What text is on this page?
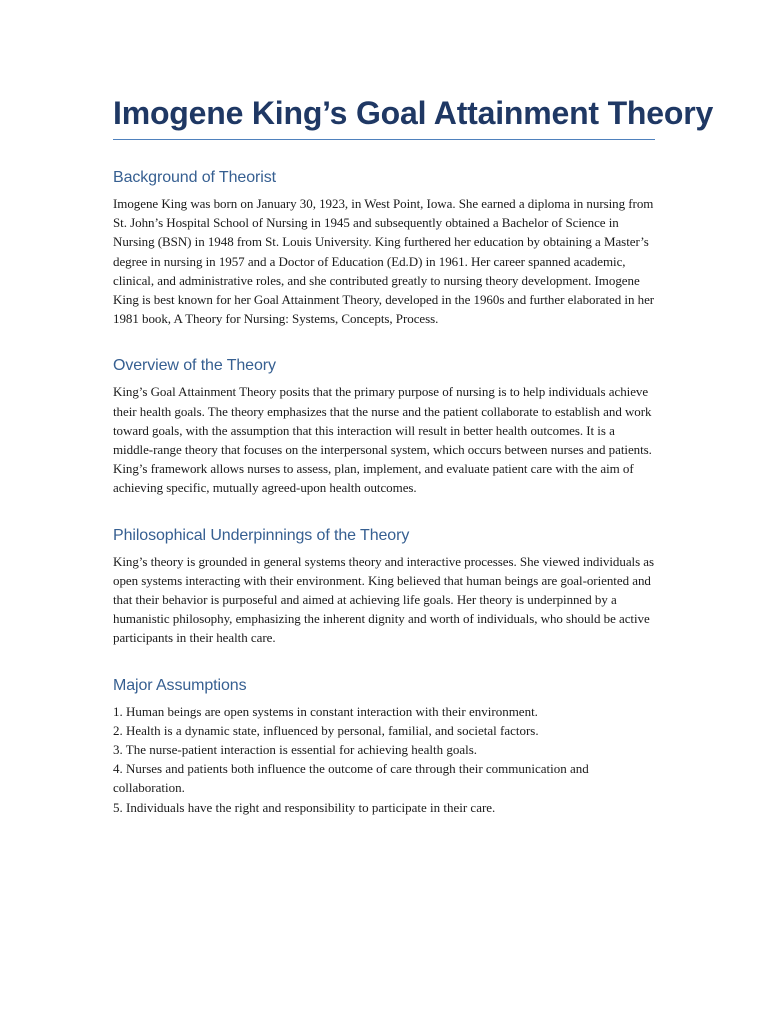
Imogene King’s Goal Attainment Theory
Background of Theorist

Imogene King was born on January 30, 1923, in West Point, Iowa. She earned a diploma in nursing from St. John’s Hospital School of Nursing in 1945 and subsequently obtained a Bachelor of Science in Nursing (BSN) in 1948 from St. Louis University. King furthered her education by obtaining a Master’s degree in nursing in 1957 and a Doctor of Education (Ed.D) in 1961. Her career spanned academic, clinical, and administrative roles, and she contributed greatly to nursing theory development. Imogene King is best known for her Goal Attainment Theory, developed in the 1960s and further elaborated in her 1981 book, A Theory for Nursing: Systems, Concepts, Process.

Overview of the Theory

King’s Goal Attainment Theory posits that the primary purpose of nursing is to help individuals achieve their health goals. The theory emphasizes that the nurse and the patient collaborate to establish and work toward goals, with the assumption that this interaction will result in better health outcomes. It is a middle-range theory that focuses on the interpersonal system, which occurs between nurses and patients. King’s framework allows nurses to assess, plan, implement, and evaluate patient care with the aim of achieving specific, mutually agreed-upon health outcomes.

Philosophical Underpinnings of the Theory

King’s theory is grounded in general systems theory and interactive processes. She viewed individuals as open systems interacting with their environment. King believed that human beings are goal-oriented and that their behavior is purposeful and aimed at achieving life goals. Her theory is underpinned by a humanistic philosophy, emphasizing the inherent dignity and worth of individuals, who should be active participants in their health care.

Major Assumptions
1. Human beings are open systems in constant interaction with their environment.
2. Health is a dynamic state, influenced by personal, familial, and societal factors.
3. The nurse-patient interaction is essential for achieving health goals.
4. Nurses and patients both influence the outcome of care through their communication and collaboration.
5. Individuals have the right and responsibility to participate in their care.
